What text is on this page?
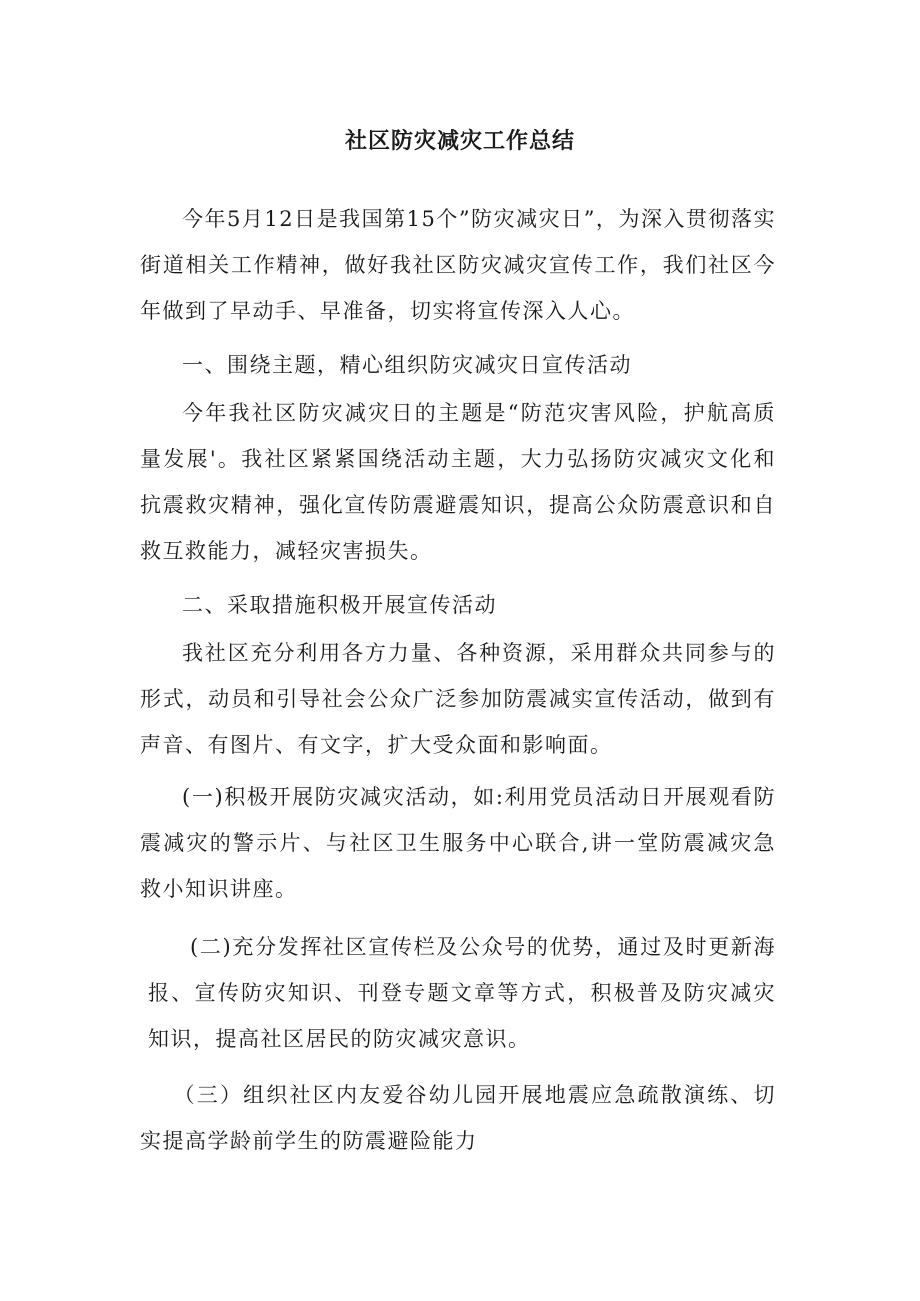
社区防灾减灾工作总结

今年5月12日是我国第15个”防灾减灾日”，为深入贯彻落实街道相关工作精神，做好我社区防灾减灾宣传工作，我们社区今年做到了早动手、早准备，切实将宣传深入人心。

一、围绕主题，精心组织防灾减灾日宣传活动

今年我社区防灾减灾日的主题是“防范灾害风险，护航高质量发展'。我社区紧紧国绕活动主题，大力弘扬防灾减灾文化和抗震救灾精神，强化宣传防震避震知识，提高公众防震意识和自救互救能力，减轻灾害损失。

二、采取措施积极开展宣传活动

我社区充分利用各方力量、各种资源，采用群众共同参与的形式，动员和引导社会公众广泛参加防震减实宣传活动，做到有声音、有图片、有文字，扩大受众面和影响面。

(一)积极开展防灾减灾活动，如:利用党员活动日开展观看防震减灾的警示片、与社区卫生服务中心联合,讲一堂防震减灾急救小知识讲座。

(二)充分发挥社区宣传栏及公众号的优势，通过及时更新海报、宣传防灾知识、刊登专题文章等方式，积极普及防灾减灾知识，提高社区居民的防灾减灾意识。

（三）组织社区内友爱谷幼儿园开展地震应急疏散演练、切实提高学龄前学生的防震避险能力
